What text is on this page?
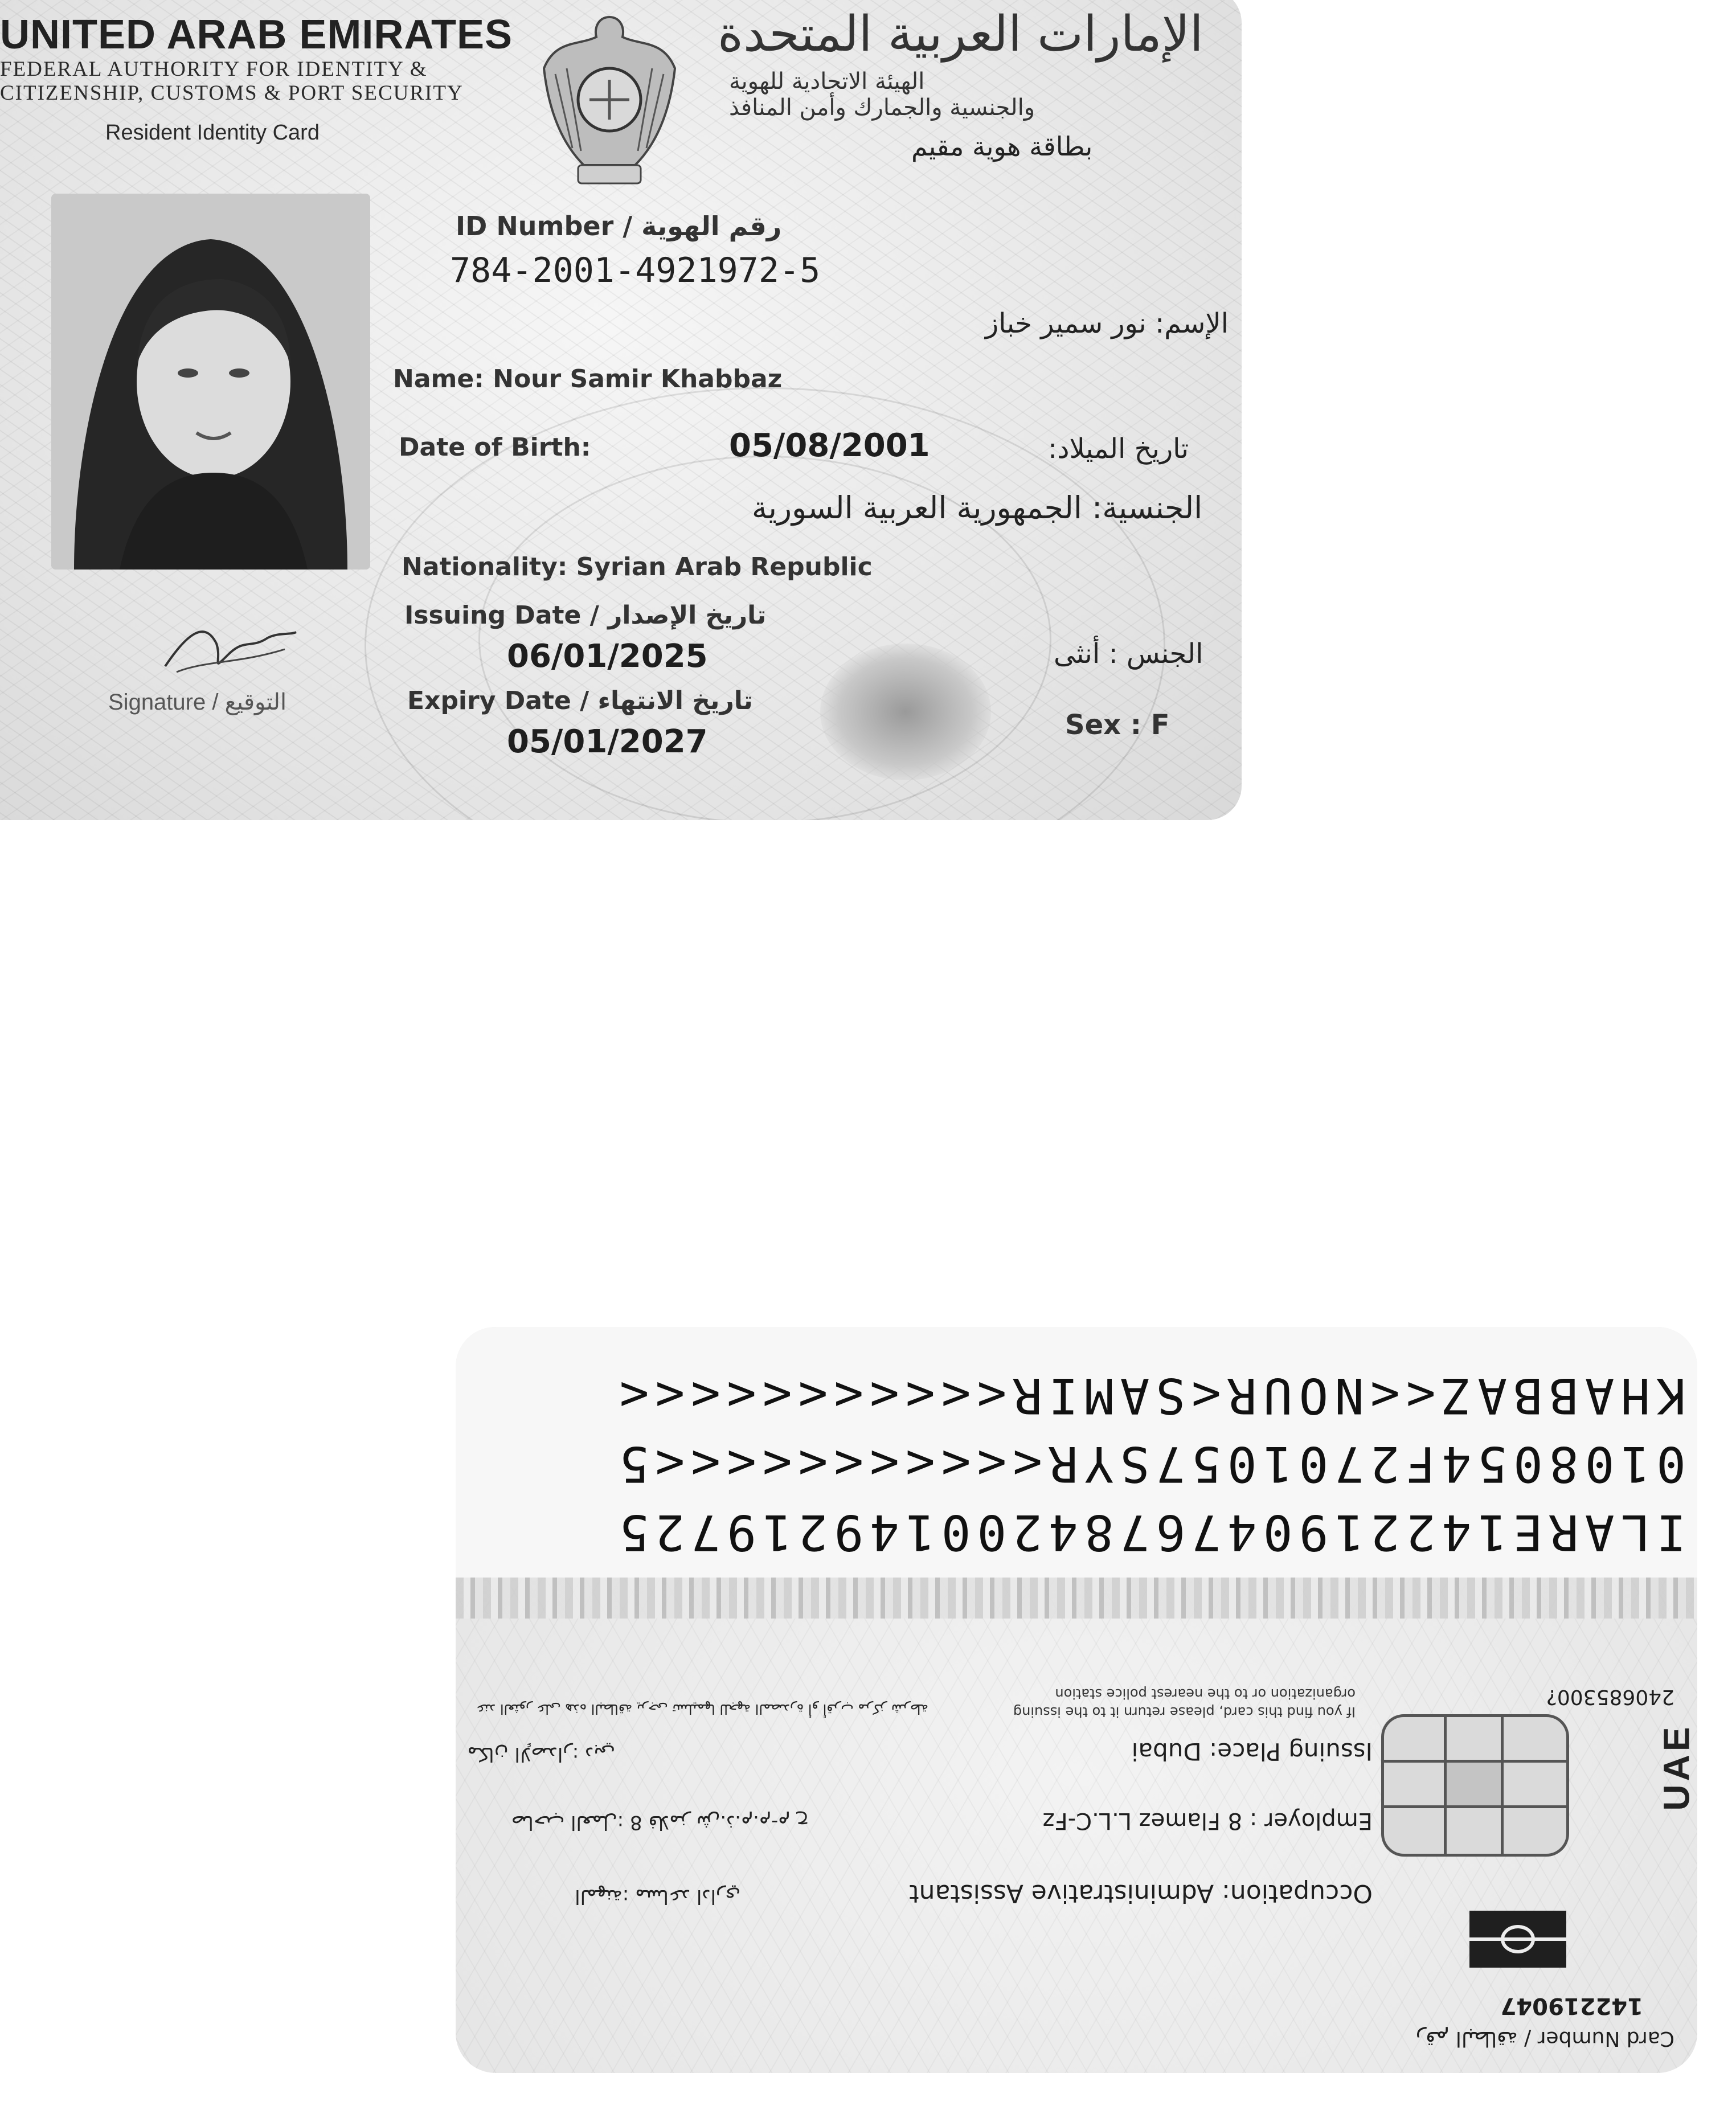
UNITED ARAB EMIRATES
FEDERAL AUTHORITY FOR IDENTITY &
CITIZENSHIP, CUSTOMS & PORT SECURITY
Resident Identity Card
الإمارات العربية المتحدة
الهيئة الاتحادية للهوية
والجنسية والجمارك وأمن المنافذ
بطاقة هوية مقيم
ID Number / رقم الهوية
784-2001-4921972-5
الإسم: نور سمير خباز
Name: Nour Samir Khabbaz
Date of Birth:	05/08/2001	تاريخ الميلاد:
الجنسية: الجمهورية العربية السورية
Nationality: Syrian Arab Republic
Issuing Date / تاريخ الإصدار
06/01/2025
Expiry Date / تاريخ الانتهاء
05/01/2027
Signature / التوقيع
الجنس : أنثى
Sex : F
Card Number / رقم البطاقة
142219047
UAE
Occupation: Administrative Assistant
المهنة: مساعد اداري
Employer : 8 Flamez L.L.C-Fz
صاحب العمل: 8 فلامز ش.ذ.م.م-م ح
Issuing Place: Dubai
مكان الإصدار: دبي
240685300?
If you find this card, please return it to the issuing
organization or to the nearest police station
عند العثور على هذه البطاقة يرجى تسليمها للجهة المصدرة أو أقرب مركز شرطة
ILARE1422190476784200149219725
0108054F2701057SYR<<<<<<<<<<<5
KHABBAZ<<NOUR<SAMIR<<<<<<<<<<<
